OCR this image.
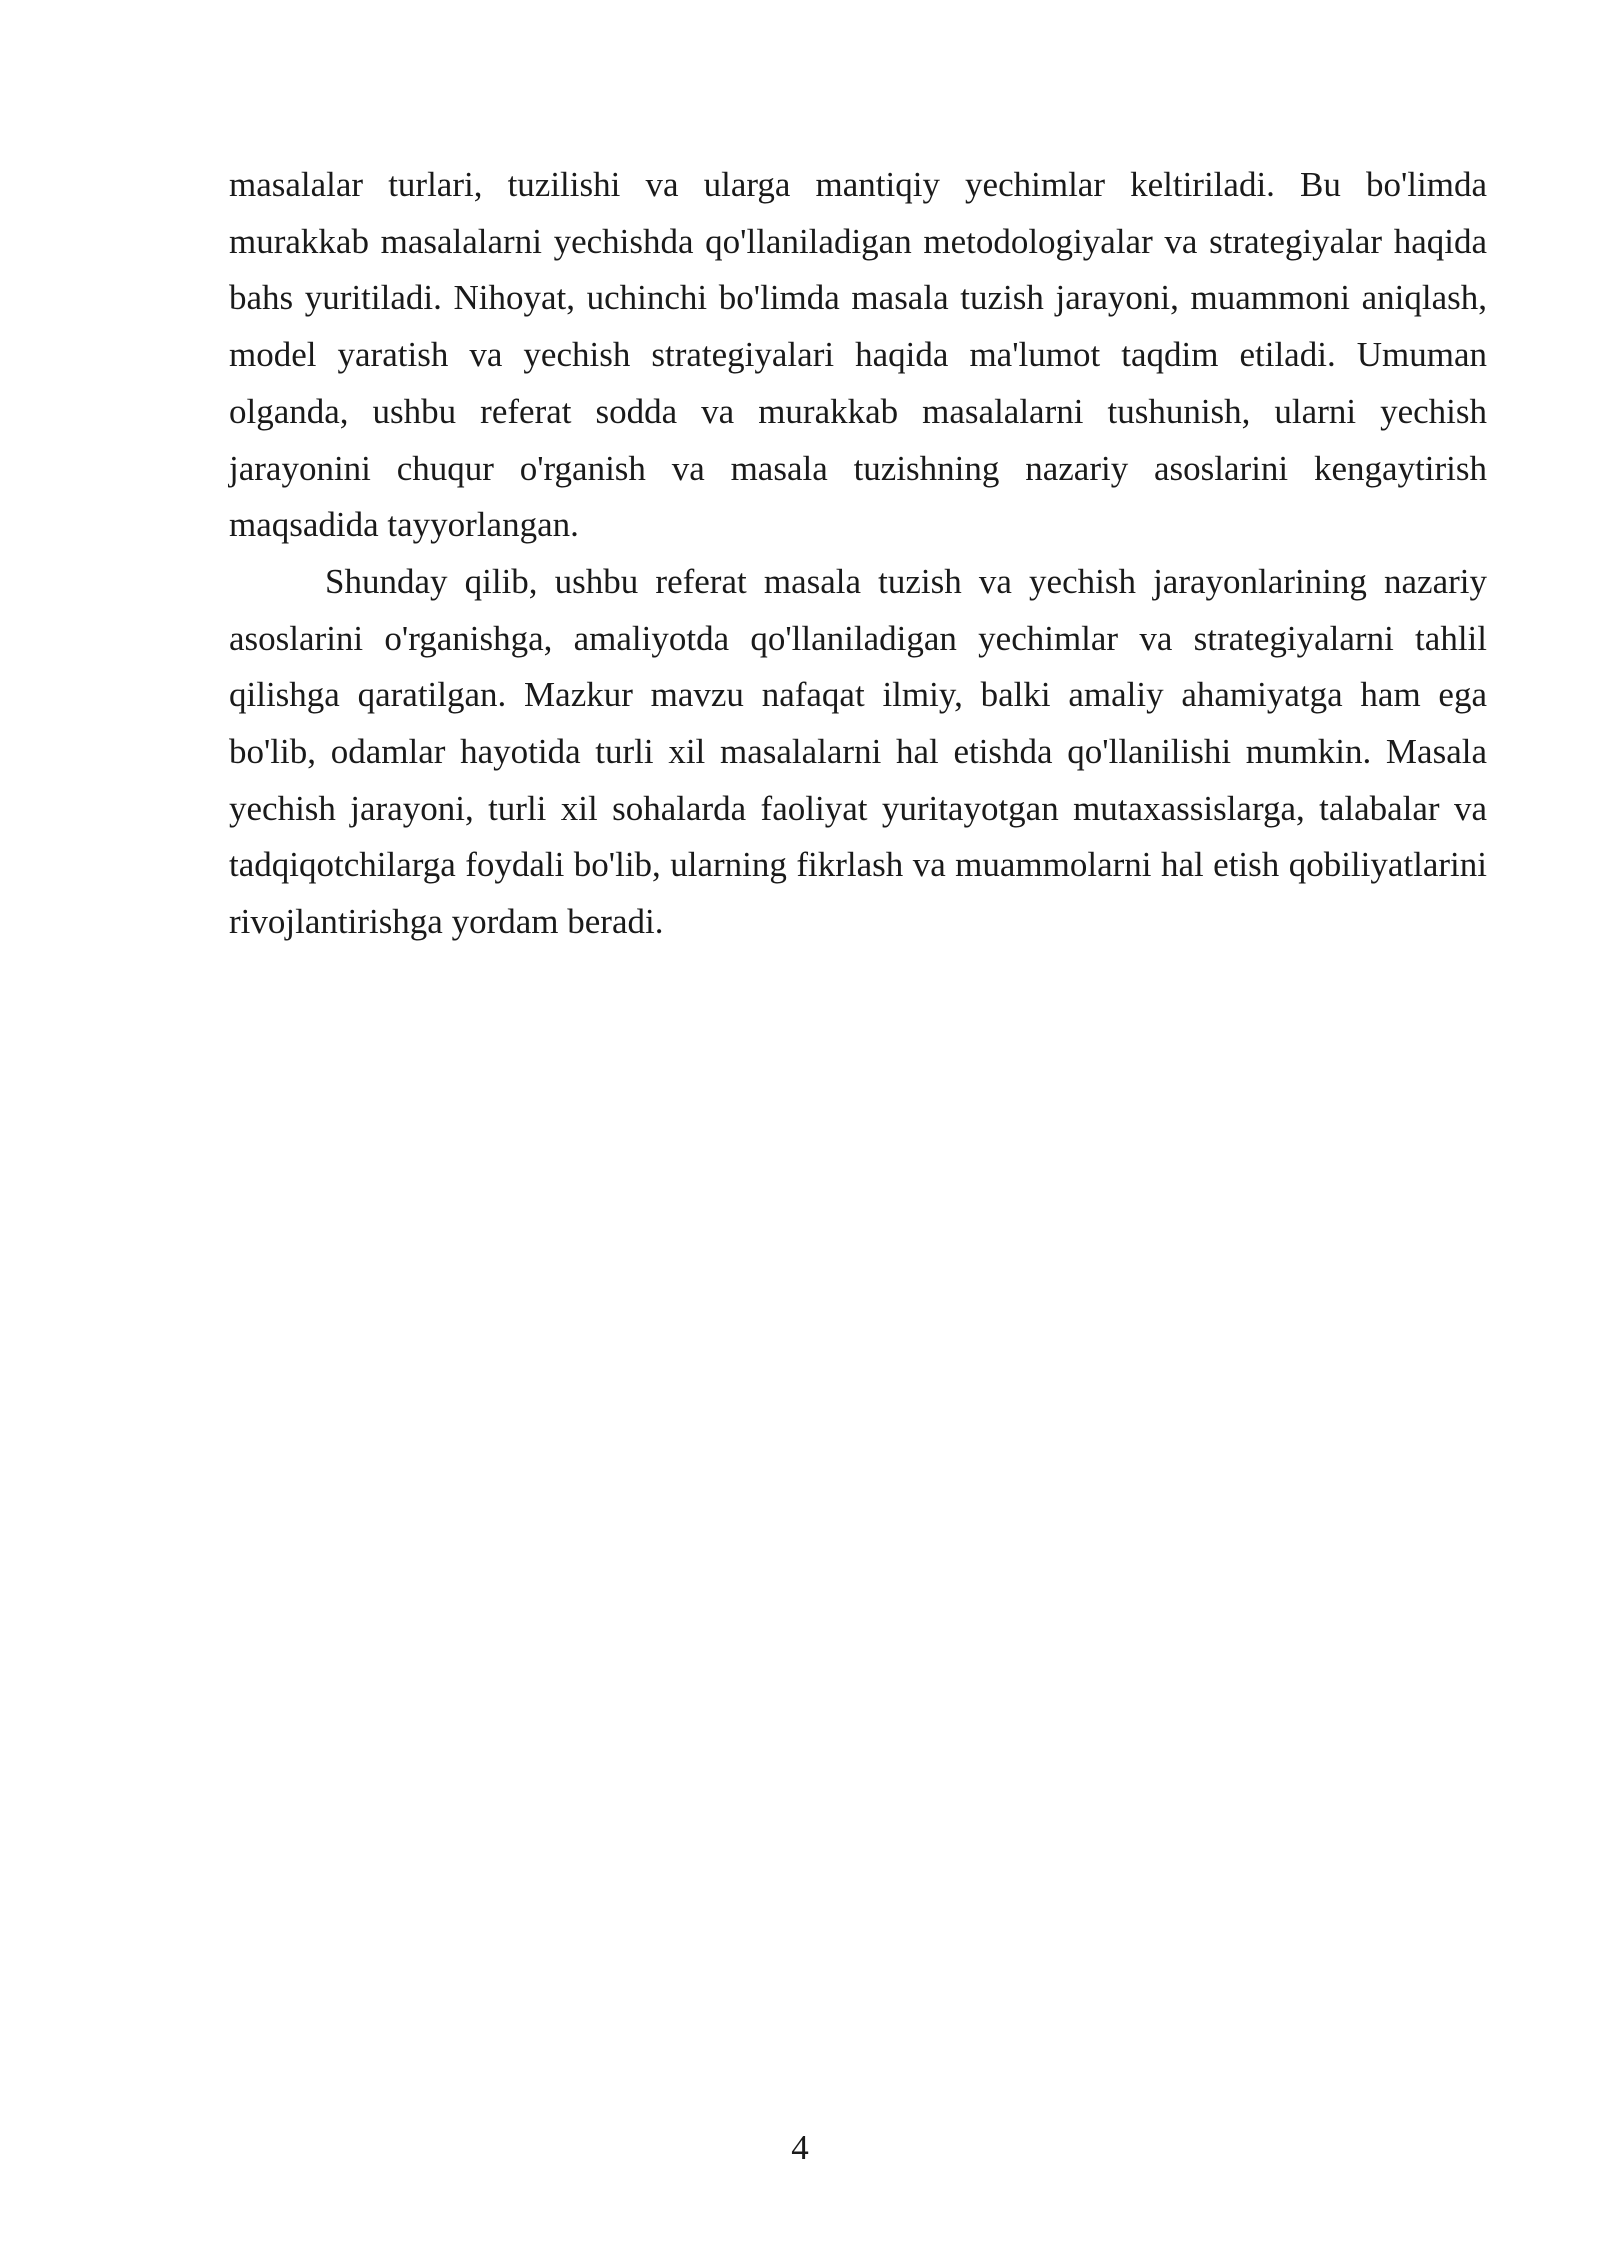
masalalar turlari, tuzilishi va ularga mantiqiy yechimlar keltiriladi. Bu bo'limda murakkab masalalarni yechishda qo'llaniladigan metodologiyalar va strategiyalar haqida bahs yuritiladi. Nihoyat, uchinchi bo'limda masala tuzish jarayoni, muammoni aniqlash, model yaratish va yechish strategiyalari haqida ma'lumot taqdim etiladi. Umuman olganda, ushbu referat sodda va murakkab masalalarni tushunish, ularni yechish jarayonini chuqur o'rganish va masala tuzishning nazariy asoslarini kengaytirish maqsadida tayyorlangan.

Shunday qilib, ushbu referat masala tuzish va yechish jarayonlarining nazariy asoslarini o'rganishga, amaliyotda qo'llaniladigan yechimlar va strategiyalarni tahlil qilishga qaratilgan. Mazkur mavzu nafaqat ilmiy, balki amaliy ahamiyatga ham ega bo'lib, odamlar hayotida turli xil masalalarni hal etishda qo'llanilishi mumkin. Masala yechish jarayoni, turli xil sohalarda faoliyat yuritayotgan mutaxassislarga, talabalar va tadqiqotchilarga foydali bo'lib, ularning fikrlash va muammolarni hal etish qobiliyatlarini rivojlantirishga yordam beradi.

4
